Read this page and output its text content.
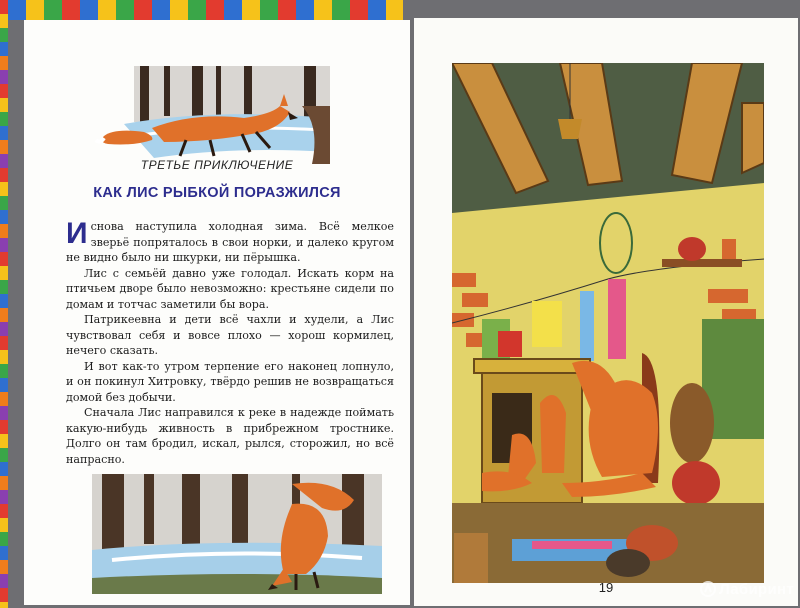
ТРЕТЬЕ ПРИКЛЮЧЕНИЕ
КАК ЛИС РЫБКОЙ ПОРАЗЖИЛСЯ

Иснова наступила холодная зима. Всё мелкое зверьё попряталось в свои норки, и далеко кругом не видно было ни шкурки, ни пёрышка.

Лис с семьёй давно уже голодал. Искать корм на птичьем дворе было невозможно: крестьяне сидели по домам и тотчас заметили бы вора.

Патрикеевна и дети всё чахли и худели, а Лис чувствовал себя и вовсе плохо — хорош кормилец, нечего сказать.

И вот как-то утром терпение его наконец лопнуло, и он покинул Хитровку, твёрдо решив не возвращаться домой без добычи.

Сначала Лис направился к реке в надежде поймать какую-нибудь живность в прибрежном тростнике. Долго он там бродил, искал, рылся, сторожил, но всё напрасно.

19	Лабиринт
